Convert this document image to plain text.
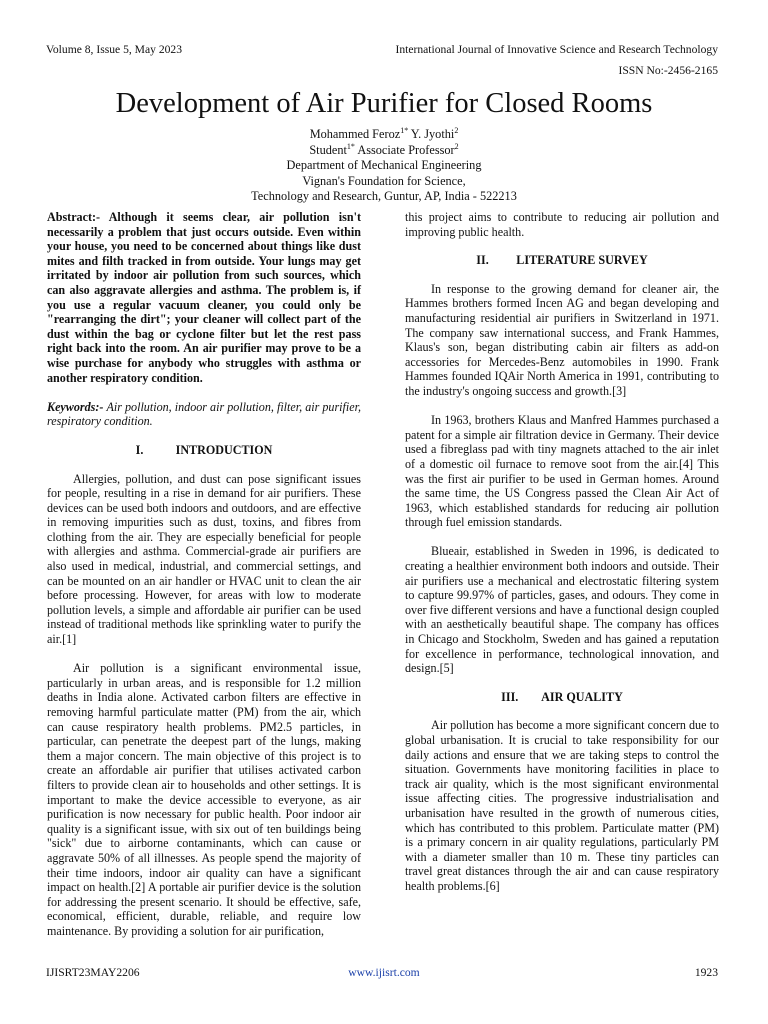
Volume 8, Issue 5, May 2023	International Journal of Innovative Science and Research Technology
ISSN No:-2456-2165
Development of Air Purifier for Closed Rooms
Mohammed Feroz$^{1*}$ Y. Jyothi$^2$
Student$^{1*}$ Associate Professor$^2$
Department of Mechanical Engineering
Vignan's Foundation for Science,
Technology and Research, Guntur, AP, India - 522213

Abstract:- Although it seems clear, air pollution isn't necessarily a problem that just occurs outside. Even within your house, you need to be concerned about things like dust mites and filth tracked in from outside. Your lungs may get irritated by indoor air pollution from such sources, which can also aggravate allergies and asthma. The problem is, if you use a regular vacuum cleaner, you could only be "rearranging the dirt"; your cleaner will collect part of the dust within the bag or cyclone filter but let the rest pass right back into the room. An air purifier may prove to be a wise purchase for anybody who struggles with asthma or another respiratory condition.

Keywords:- Air pollution, indoor air pollution, filter, air purifier, respiratory condition.

I.	INTRODUCTION

Allergies, pollution, and dust can pose significant issues for people, resulting in a rise in demand for air purifiers. These devices can be used both indoors and outdoors, and are effective in removing impurities such as dust, toxins, and fibres from clothing from the air. They are especially beneficial for people with allergies and asthma. Commercial-grade air purifiers are also used in medical, industrial, and commercial settings, and can be mounted on an air handler or HVAC unit to clean the air before processing. However, for areas with low to moderate pollution levels, a simple and affordable air purifier can be used instead of traditional methods like sprinkling water to purify the air.[1]

Air pollution is a significant environmental issue, particularly in urban areas, and is responsible for 1.2 million deaths in India alone. Activated carbon filters are effective in removing harmful particulate matter (PM) from the air, which can cause respiratory health problems. PM2.5 particles, in particular, can penetrate the deepest part of the lungs, making them a major concern. The main objective of this project is to create an affordable air purifier that utilises activated carbon filters to provide clean air to households and other settings. It is important to make the device accessible to everyone, as air purification is now necessary for public health. Poor indoor air quality is a significant issue, with six out of ten buildings being "sick" due to airborne contaminants, which can cause or aggravate 50% of all illnesses. As people spend the majority of their time indoors, indoor air quality can have a significant impact on health.[2] A portable air purifier device is the solution for addressing the present scenario. It should be effective, safe, economical, efficient, durable, reliable, and require low maintenance. By providing a solution for air purification,

this project aims to contribute to reducing air pollution and improving public health.

II. LITERATURE SURVEY

In response to the growing demand for cleaner air, the Hammes brothers formed Incen AG and began developing and manufacturing residential air purifiers in Switzerland in 1971. The company saw international success, and Frank Hammes, Klaus's son, began distributing cabin air filters as add-on accessories for Mercedes-Benz automobiles in 1990. Frank Hammes founded IQAir North America in 1991, contributing to the industry's ongoing success and growth.[3]

In 1963, brothers Klaus and Manfred Hammes purchased a patent for a simple air filtration device in Germany. Their device used a fibreglass pad with tiny magnets attached to the air inlet of a domestic oil furnace to remove soot from the air.[4] This was the first air purifier to be used in German homes. Around the same time, the US Congress passed the Clean Air Act of 1963, which established standards for reducing air pollution through fuel emission standards.

Blueair, established in Sweden in 1996, is dedicated to creating a healthier environment both indoors and outside. Their air purifiers use a mechanical and electrostatic filtering system to capture 99.97% of particles, gases, and odours. They come in over five different versions and have a functional design coupled with an aesthetically beautiful shape. The company has offices in Chicago and Stockholm, Sweden and has gained a reputation for excellence in performance, technological innovation, and design.[5]

III. AIR QUALITY

Air pollution has become a more significant concern due to global urbanisation. It is crucial to take responsibility for our daily actions and ensure that we are taking steps to control the situation. Governments have monitoring facilities in place to track air quality, which is the most significant environmental issue affecting cities. The progressive industrialisation and urbanisation have resulted in the growth of numerous cities, which has contributed to this problem. Particulate matter (PM) is a primary concern in air quality regulations, particularly PM with a diameter smaller than 10 m. These tiny particles can travel great distances through the air and can cause respiratory health problems.[6]

IJISRT23MAY2206	www.ijisrt.com	1923
